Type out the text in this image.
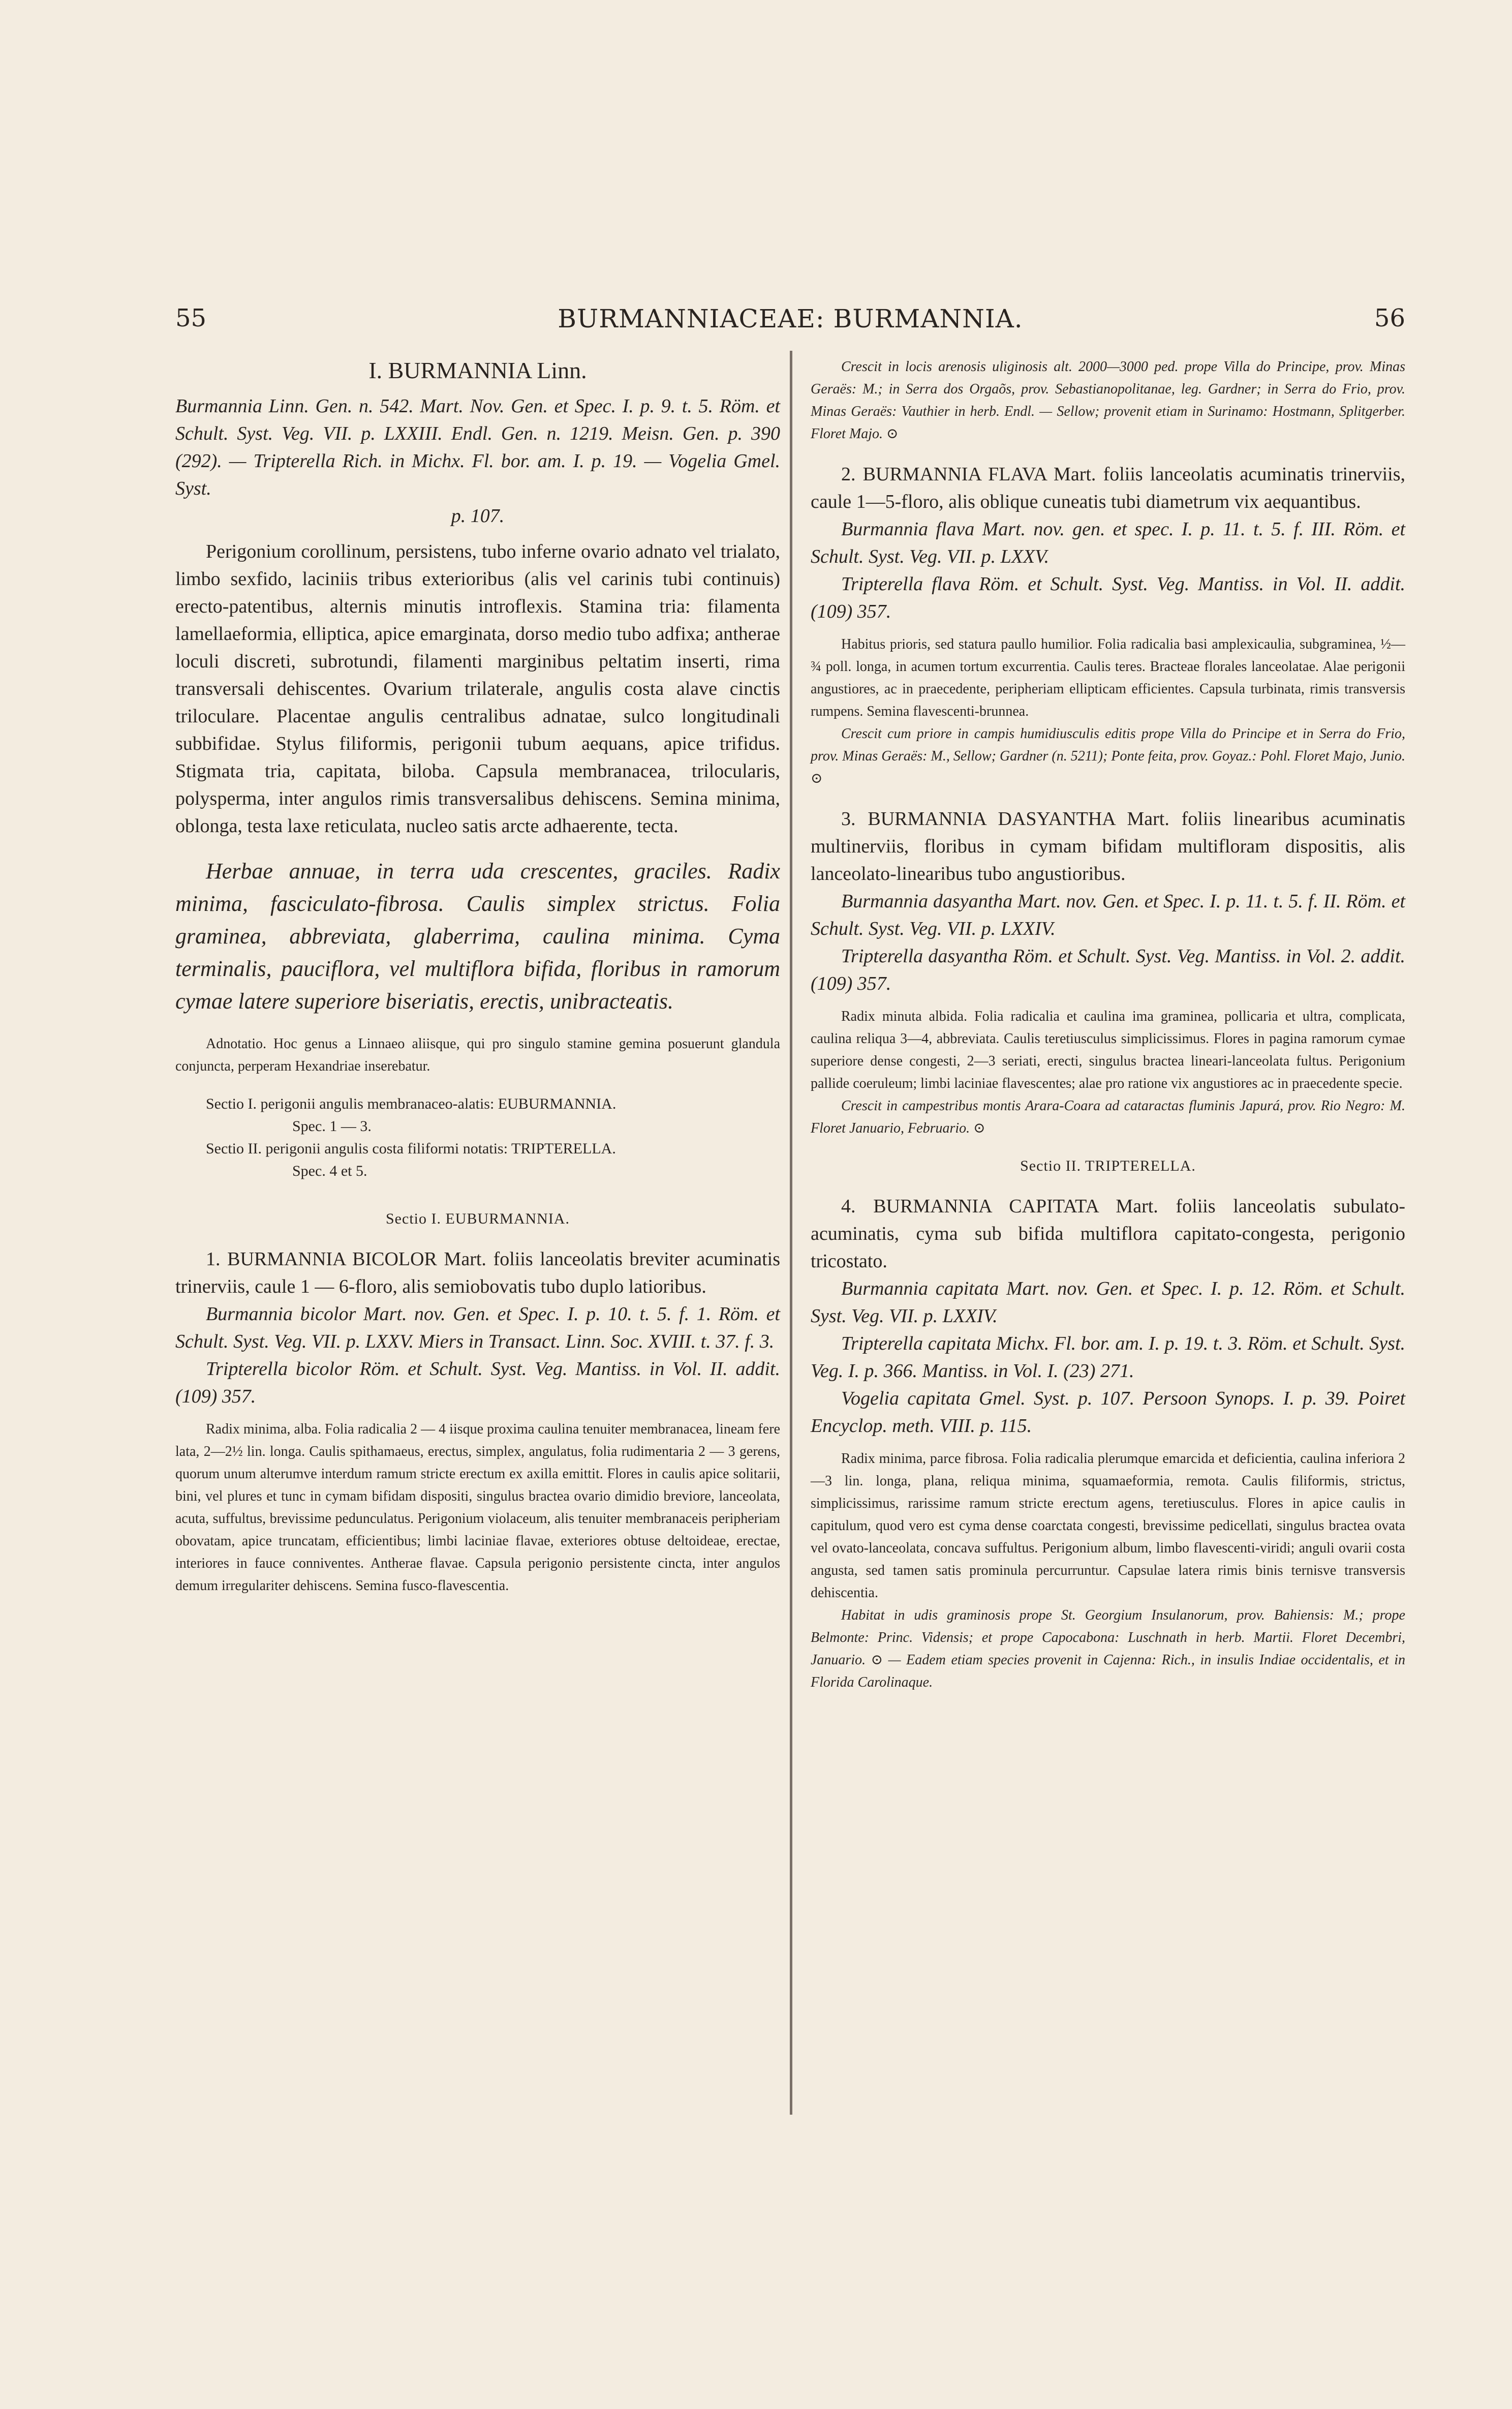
55	BURMANNIACEAE: BURMANNIA.	56

I. BURMANNIA Linn.

Burmannia Linn. Gen. n. 542. Mart. Nov. Gen. et Spec. I. p. 9. t. 5. Röm. et Schult. Syst. Veg. VII. p. LXXIII. Endl. Gen. n. 1219. Meisn. Gen. p. 390 (292). — Tripterella Rich. in Michx. Fl. bor. am. I. p. 19. — Vogelia Gmel. Syst.

p. 107.

Perigonium corollinum, persistens, tubo inferne ovario adnato vel trialato, limbo sexfido, laciniis tribus exterioribus (alis vel carinis tubi continuis) erecto-patentibus, alternis minutis introflexis. Stamina tria: filamenta lamellaeformia, elliptica, apice emarginata, dorso medio tubo adfixa; antherae loculi discreti, subrotundi, filamenti marginibus peltatim inserti, rima transversali dehiscentes. Ovarium trilaterale, angulis costa alave cinctis triloculare. Placentae angulis centralibus adnatae, sulco longitudinali subbifidae. Stylus filiformis, perigonii tubum aequans, apice trifidus. Stigmata tria, capitata, biloba. Capsula membranacea, trilocularis, polysperma, inter angulos rimis transversalibus dehiscens. Semina minima, oblonga, testa laxe reticulata, nucleo satis arcte adhaerente, tecta.

Herbae annuae, in terra uda crescentes, graciles. Radix minima, fasciculato-fibrosa. Caulis simplex strictus. Folia graminea, abbreviata, glaberrima, caulina minima. Cyma terminalis, pauciflora, vel multiflora bifida, floribus in ramorum cymae latere superiore biseriatis, erectis, unibracteatis.

Adnotatio. Hoc genus a Linnaeo aliisque, qui pro singulo stamine gemina posuerunt glandula conjuncta, perperam Hexandriae inserebatur.

Sectio I. perigonii angulis membranaceo-alatis: EUBURMANNIA.

Spec. 1 — 3.

Sectio II. perigonii angulis costa filiformi notatis: TRIPTERELLA.

Spec. 4 et 5.

Sectio I. EUBURMANNIA.

1. BURMANNIA BICOLOR Mart. foliis lanceolatis breviter acuminatis trinerviis, caule 1 — 6-floro, alis semiobovatis tubo duplo latioribus.

Burmannia bicolor Mart. nov. Gen. et Spec. I. p. 10. t. 5. f. 1. Röm. et Schult. Syst. Veg. VII. p. LXXV. Miers in Transact. Linn. Soc. XVIII. t. 37. f. 3.

Tripterella bicolor Röm. et Schult. Syst. Veg. Mantiss. in Vol. II. addit. (109) 357.

Radix minima, alba. Folia radicalia 2 — 4 iisque proxima caulina tenuiter membranacea, lineam fere lata, 2—2½ lin. longa. Caulis spithamaeus, erectus, simplex, angulatus, folia rudimentaria 2 — 3 gerens, quorum unum alterumve interdum ramum stricte erectum ex axilla emittit. Flores in caulis apice solitarii, bini, vel plures et tunc in cymam bifidam dispositi, singulus bractea ovario dimidio breviore, lanceolata, acuta, suffultus, brevissime pedunculatus. Perigonium violaceum, alis tenuiter membranaceis peripheriam obovatam, apice truncatam, efficientibus; limbi laciniae flavae, exteriores obtuse deltoideae, erectae, interiores in fauce conniventes. Antherae flavae. Capsula perigonio persistente cincta, inter angulos demum irregulariter dehiscens. Semina fusco-flavescentia.

Crescit in locis arenosis uliginosis alt. 2000—3000 ped. prope Villa do Principe, prov. Minas Geraës: M.; in Serra dos Orgaõs, prov. Sebastianopolitanae, leg. Gardner; in Serra do Frio, prov. Minas Geraës: Vauthier in herb. Endl. — Sellow; provenit etiam in Surinamo: Hostmann, Splitgerber. Floret Majo. ⊙

2. BURMANNIA FLAVA Mart. foliis lanceolatis acuminatis trinerviis, caule 1—5-floro, alis oblique cuneatis tubi diametrum vix aequantibus.

Burmannia flava Mart. nov. gen. et spec. I. p. 11. t. 5. f. III. Röm. et Schult. Syst. Veg. VII. p. LXXV.

Tripterella flava Röm. et Schult. Syst. Veg. Mantiss. in Vol. II. addit. (109) 357.

Habitus prioris, sed statura paullo humilior. Folia radicalia basi amplexicaulia, subgraminea, ½—¾ poll. longa, in acumen tortum excurrentia. Caulis teres. Bracteae florales lanceolatae. Alae perigonii angustiores, ac in praecedente, peripheriam ellipticam efficientes. Capsula turbinata, rimis transversis rumpens. Semina flavescenti-brunnea.

Crescit cum priore in campis humidiusculis editis prope Villa do Principe et in Serra do Frio, prov. Minas Geraës: M., Sellow; Gardner (n. 5211); Ponte feita, prov. Goyaz.: Pohl. Floret Majo, Junio. ⊙

3. BURMANNIA DASYANTHA Mart. foliis linearibus acuminatis multinerviis, floribus in cymam bifidam multifloram dispositis, alis lanceolato-linearibus tubo angustioribus.

Burmannia dasyantha Mart. nov. Gen. et Spec. I. p. 11. t. 5. f. II. Röm. et Schult. Syst. Veg. VII. p. LXXIV.

Tripterella dasyantha Röm. et Schult. Syst. Veg. Mantiss. in Vol. 2. addit. (109) 357.

Radix minuta albida. Folia radicalia et caulina ima graminea, pollicaria et ultra, complicata, caulina reliqua 3—4, abbreviata. Caulis teretiusculus simplicissimus. Flores in pagina ramorum cymae superiore dense congesti, 2—3 seriati, erecti, singulus bractea lineari-lanceolata fultus. Perigonium pallide coeruleum; limbi laciniae flavescentes; alae pro ratione vix angustiores ac in praecedente specie.

Crescit in campestribus montis Arara-Coara ad cataractas fluminis Japurá, prov. Rio Negro: M. Floret Januario, Februario. ⊙

Sectio II. TRIPTERELLA.

4. BURMANNIA CAPITATA Mart. foliis lanceolatis subulato-acuminatis, cyma sub bifida multiflora capitato-congesta, perigonio tricostato.

Burmannia capitata Mart. nov. Gen. et Spec. I. p. 12. Röm. et Schult. Syst. Veg. VII. p. LXXIV.

Tripterella capitata Michx. Fl. bor. am. I. p. 19. t. 3. Röm. et Schult. Syst. Veg. I. p. 366. Mantiss. in Vol. I. (23) 271.

Vogelia capitata Gmel. Syst. p. 107. Persoon Synops. I. p. 39. Poiret Encyclop. meth. VIII. p. 115.

Radix minima, parce fibrosa. Folia radicalia plerumque emarcida et deficientia, caulina inferiora 2—3 lin. longa, plana, reliqua minima, squamaeformia, remota. Caulis filiformis, strictus, simplicissimus, rarissime ramum stricte erectum agens, teretiusculus. Flores in apice caulis in capitulum, quod vero est cyma dense coarctata congesti, brevissime pedicellati, singulus bractea ovata vel ovato-lanceolata, concava suffultus. Perigonium album, limbo flavescenti-viridi; anguli ovarii costa angusta, sed tamen satis prominula percurruntur. Capsulae latera rimis binis ternisve transversis dehiscentia.

Habitat in udis graminosis prope St. Georgium Insulanorum, prov. Bahiensis: M.; prope Belmonte: Princ. Vidensis; et prope Capocabona: Luschnath in herb. Martii. Floret Decembri, Januario. ⊙ — Eadem etiam species provenit in Cajenna: Rich., in insulis Indiae occidentalis, et in Florida Carolinaque.
